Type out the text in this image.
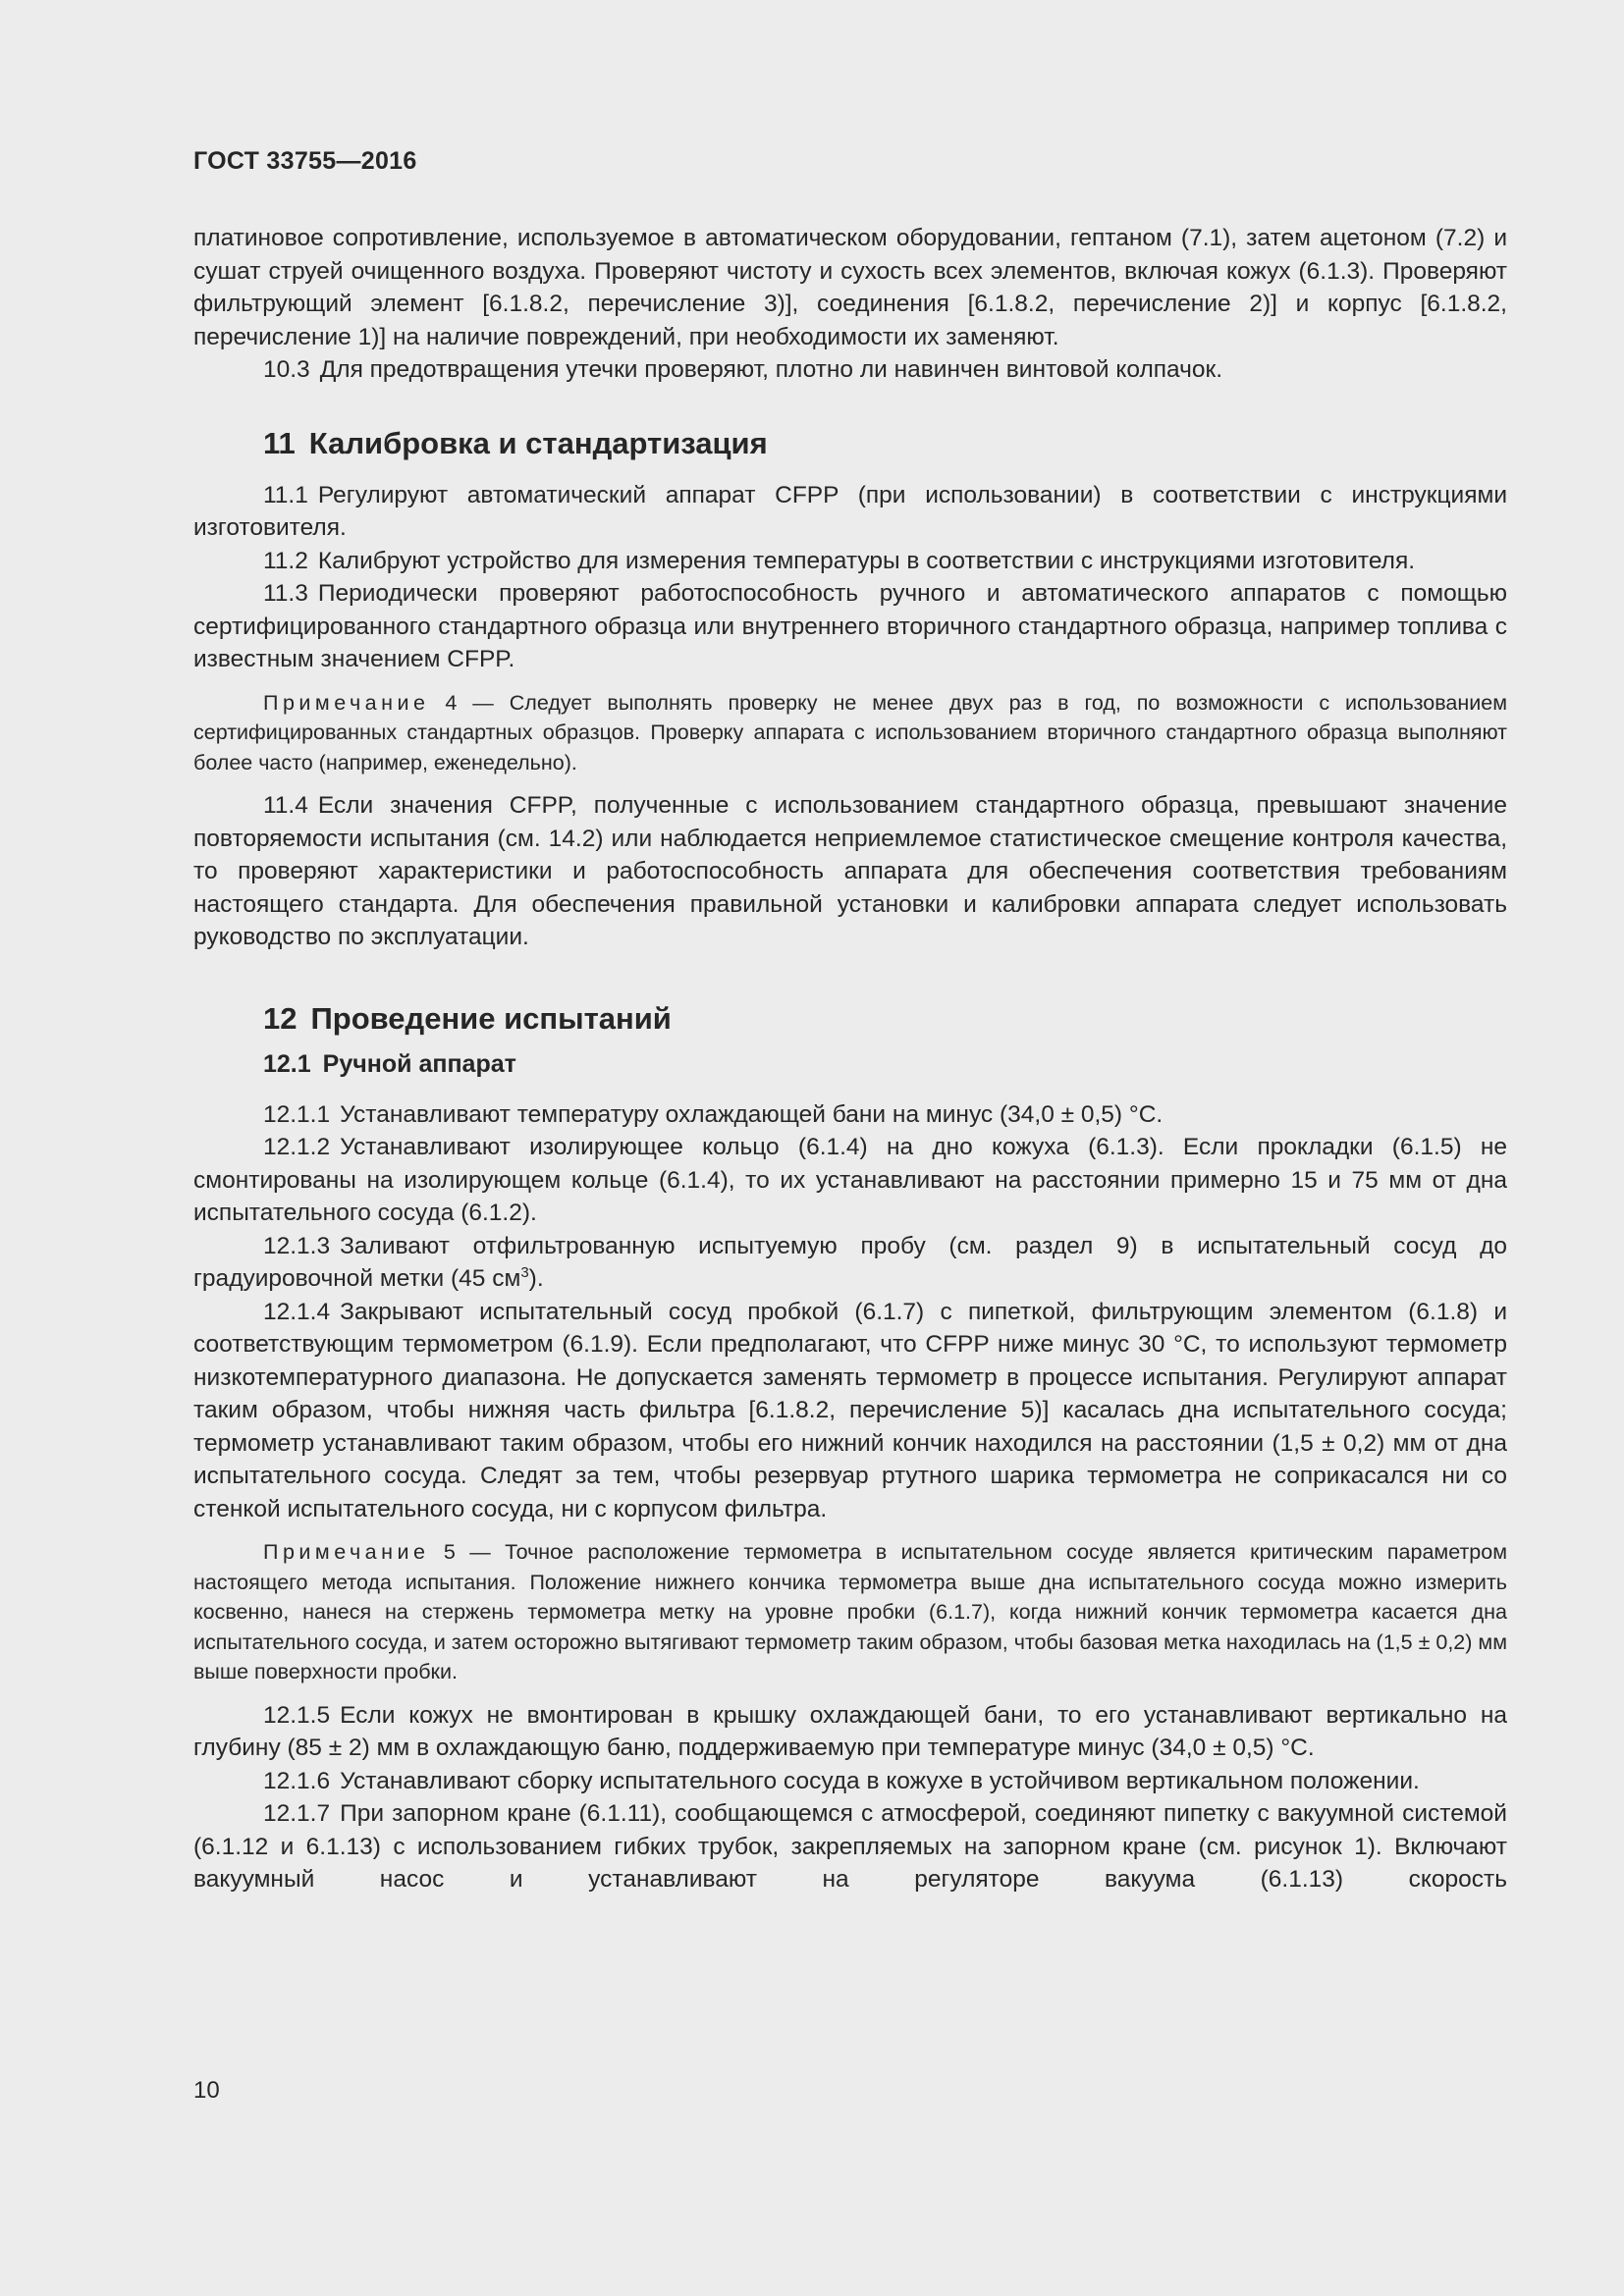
ГОСТ 33755—2016

платиновое сопротивление, используемое в автоматическом оборудовании, гептаном (7.1), затем ацетоном (7.2) и сушат струей очищенного воздуха. Проверяют чистоту и сухость всех элементов, включая кожух (6.1.3). Проверяют фильтрующий элемент [6.1.8.2, перечисление 3)], соединения [6.1.8.2, перечисление 2)] и корпус [6.1.8.2, перечисление 1)] на наличие повреждений, при необходимости их заменяют.

10.3 Для предотвращения утечки проверяют, плотно ли навинчен винтовой колпачок.

11 Калибровка и стандартизация

11.1 Регулируют автоматический аппарат CFPP (при использовании) в соответствии с инструкциями изготовителя.

11.2 Калибруют устройство для измерения температуры в соответствии с инструкциями изготовителя.

11.3 Периодически проверяют работоспособность ручного и автоматического аппаратов с помощью сертифицированного стандартного образца или внутреннего вторичного стандартного образца, например топлива с известным значением CFPP.

Примечание 4 — Следует выполнять проверку не менее двух раз в год, по возможности с использованием сертифицированных стандартных образцов. Проверку аппарата с использованием вторичного стандартного образца выполняют более часто (например, еженедельно).

11.4 Если значения CFPP, полученные с использованием стандартного образца, превышают значение повторяемости испытания (см. 14.2) или наблюдается неприемлемое статистическое смещение контроля качества, то проверяют характеристики и работоспособность аппарата для обеспечения соответствия требованиям настоящего стандарта. Для обеспечения правильной установки и калибровки аппарата следует использовать руководство по эксплуатации.

12 Проведение испытаний
12.1 Ручной аппарат

12.1.1 Устанавливают температуру охлаждающей бани на минус (34,0 ± 0,5) °С.

12.1.2 Устанавливают изолирующее кольцо (6.1.4) на дно кожуха (6.1.3). Если прокладки (6.1.5) не смонтированы на изолирующем кольце (6.1.4), то их устанавливают на расстоянии примерно 15 и 75 мм от дна испытательного сосуда (6.1.2).

12.1.3 Заливают отфильтрованную испытуемую пробу (см. раздел 9) в испытательный сосуд до градуировочной метки (45 $см^3$).

12.1.4 Закрывают испытательный сосуд пробкой (6.1.7) с пипеткой, фильтрующим элементом (6.1.8) и соответствующим термометром (6.1.9). Если предполагают, что CFPP ниже минус 30 °С, то используют термометр низкотемпературного диапазона. Не допускается заменять термометр в процессе испытания. Регулируют аппарат таким образом, чтобы нижняя часть фильтра [6.1.8.2, перечисление 5)] касалась дна испытательного сосуда; термометр устанавливают таким образом, чтобы его нижний кончик находился на расстоянии (1,5 ± 0,2) мм от дна испытательного сосуда. Следят за тем, чтобы резервуар ртутного шарика термометра не соприкасался ни со стенкой испытательного сосуда, ни с корпусом фильтра.

Примечание 5 — Точное расположение термометра в испытательном сосуде является критическим параметром настоящего метода испытания. Положение нижнего кончика термометра выше дна испытательного сосуда можно измерить косвенно, нанеся на стержень термометра метку на уровне пробки (6.1.7), когда нижний кончик термометра касается дна испытательного сосуда, и затем осторожно вытягивают термометр таким образом, чтобы базовая метка находилась на (1,5 ± 0,2) мм выше поверхности пробки.

12.1.5 Если кожух не вмонтирован в крышку охлаждающей бани, то его устанавливают вертикально на глубину (85 ± 2) мм в охлаждающую баню, поддерживаемую при температуре минус (34,0 ± 0,5) °С.

12.1.6 Устанавливают сборку испытательного сосуда в кожухе в устойчивом вертикальном положении.

12.1.7 При запорном кране (6.1.11), сообщающемся с атмосферой, соединяют пипетку с вакуумной системой (6.1.12 и 6.1.13) с использованием гибких трубок, закрепляемых на запорном кране (см. рисунок 1). Включают вакуумный насос и устанавливают на регуляторе вакуума (6.1.13) скорость

10
